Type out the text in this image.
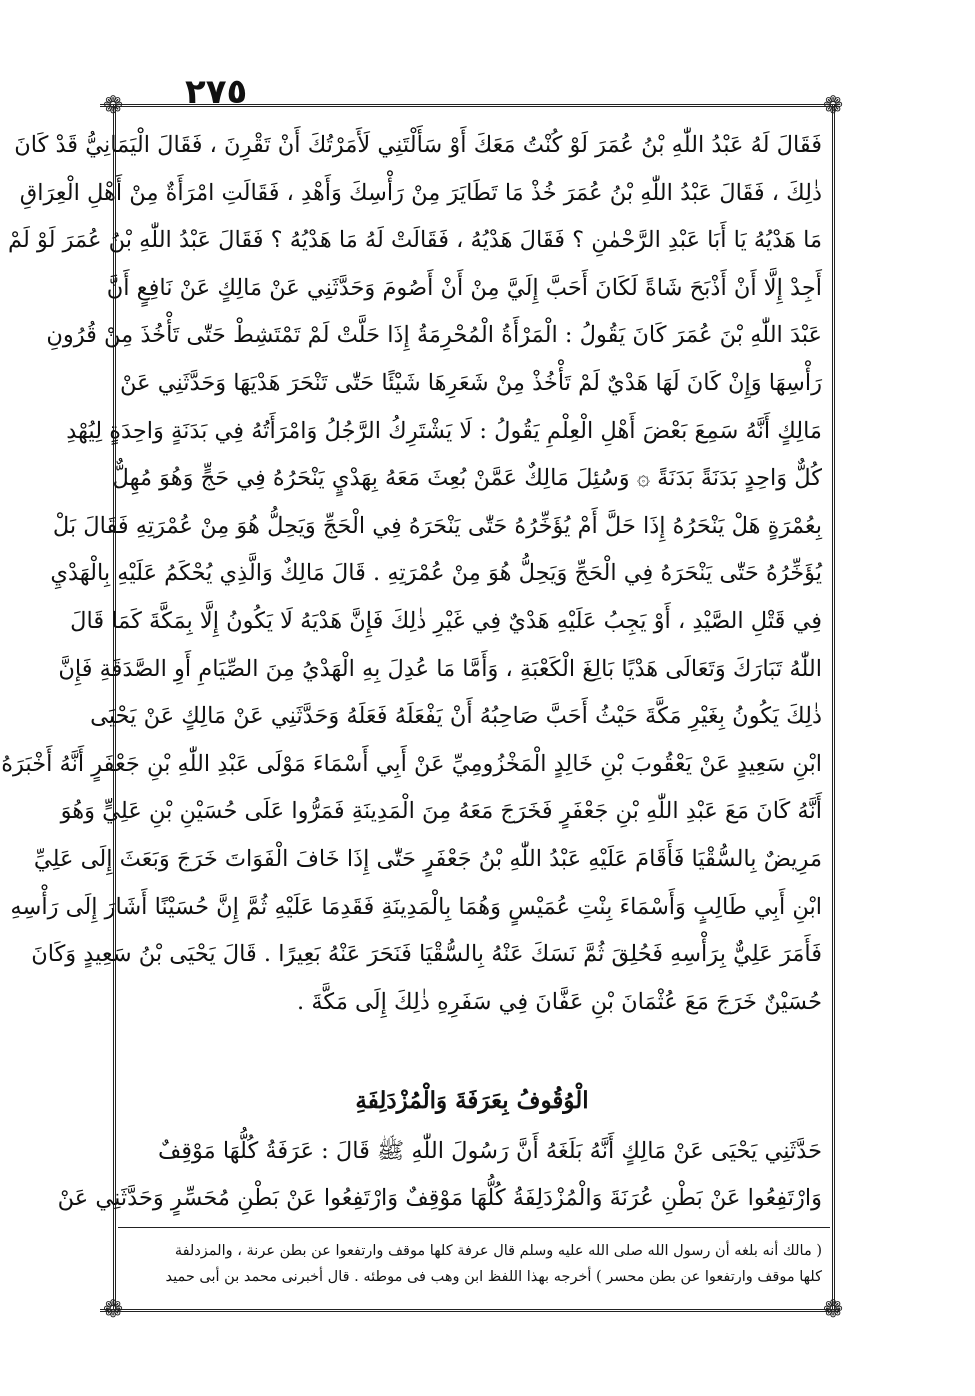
٢٧٥
❁	❁
❁	❁
فَقَالَ لَهُ عَبْدُ اللّٰهِ بْنُ عُمَرَ لَوْ كُنْتُ مَعَكَ أَوْ سَأَلْتَنِي لَأَمَرْتُكَ أَنْ تَقْرِنَ ، فَقَالَ الْيَمَانِيُّ قَدْ كَانَ
ذٰلِكَ ، فَقَالَ عَبْدُ اللّٰهِ بْنُ عُمَرَ خُذْ مَا تَطَايَرَ مِنْ رَأْسِكَ وَأَهْدِ ، فَقَالَتِ امْرَأَةٌ مِنْ أَهْلِ الْعِرَاقِ
مَا هَدْيُهُ يَا أَبَا عَبْدِ الرَّحْمٰنِ ؟ فَقَالَ هَدْيُهُ ، فَقَالَتْ لَهُ مَا هَدْيُهُ ؟ فَقَالَ عَبْدُ اللّٰهِ بْنُ عُمَرَ لَوْ لَمْ
أَجِدْ إِلَّا أَنْ أَذْبَحَ شَاةً لَكَانَ أَحَبَّ إِلَيَّ مِنْ أَنْ أَصُومَ وَحَدَّثَنِي عَنْ مَالِكٍ عَنْ نَافِعٍ أَنَّ
عَبْدَ اللّٰهِ بْنَ عُمَرَ كَانَ يَقُولُ : الْمَرْأَةُ الْمُحْرِمَةُ إِذَا حَلَّتْ لَمْ تَمْتَشِطْ حَتّٰى تَأْخُذَ مِنْ قُرُونِ
رَأْسِهَا وَإِنْ كَانَ لَهَا هَدْيٌ لَمْ تَأْخُذْ مِنْ شَعَرِهَا شَيْئًا حَتّٰى تَنْحَرَ هَدْيَهَا وَحَدَّثَنِي عَنْ
مَالِكٍ أَنَّهُ سَمِعَ بَعْضَ أَهْلِ الْعِلْمِ يَقُولُ : لَا يَشْتَرِكُ الرَّجُلُ وَامْرَأَتُهُ فِي بَدَنَةٍ وَاحِدَةٍ لِيُهْدِ
كُلٌّ وَاحِدٍ بَدَنَةً بَدَنَةً ۞ وَسُئِلَ مَالِكٌ عَمَّنْ بُعِثَ مَعَهُ بِهَدْيٍ يَنْحَرُهُ فِي حَجٍّ وَهُوَ مُهِلٌّ
بِعُمْرَةٍ هَلْ يَنْحَرُهُ إِذَا حَلَّ أَمْ يُؤَخِّرُهُ حَتّٰى يَنْحَرَهُ فِي الْحَجِّ وَيَحِلُّ هُوَ مِنْ عُمْرَتِهِ فَقَالَ بَلْ
يُؤَخِّرُهُ حَتّٰى يَنْحَرَهُ فِي الْحَجِّ وَيَحِلُّ هُوَ مِنْ عُمْرَتِهِ . قَالَ مَالِكٌ وَالَّذِي يُحْكَمُ عَلَيْهِ بِالْهَدْيِ
فِي قَتْلِ الصَّيْدِ ، أَوْ يَجِبُ عَلَيْهِ هَدْيٌ فِي غَيْرِ ذٰلِكَ فَإِنَّ هَدْيَهُ لَا يَكُونُ إِلَّا بِمَكَّةَ كَمَا قَالَ
اللّٰهُ تَبَارَكَ وَتَعَالَى هَدْيًا بَالِغَ الْكَعْبَةِ ، وَأَمَّا مَا عُدِلَ بِهِ الْهَدْيُ مِنَ الصِّيَامِ أَوِ الصَّدَقَةِ فَإِنَّ
ذٰلِكَ يَكُونُ بِغَيْرِ مَكَّةَ حَيْثُ أَحَبَّ صَاحِبُهُ أَنْ يَفْعَلَهُ فَعَلَهُ وَحَدَّثَنِي عَنْ مَالِكٍ عَنْ يَحْيَى
ابْنِ سَعِيدٍ عَنْ يَعْقُوبَ بْنِ خَالِدٍ الْمَخْزُومِيِّ عَنْ أَبِي أَسْمَاءَ مَوْلَى عَبْدِ اللّٰهِ بْنِ جَعْفَرٍ أَنَّهُ أَخْبَرَهُ
أَنَّهُ كَانَ مَعَ عَبْدِ اللّٰهِ بْنِ جَعْفَرٍ فَخَرَجَ مَعَهُ مِنَ الْمَدِينَةِ فَمَرُّوا عَلَى حُسَيْنِ بْنِ عَلِيٍّ وَهُوَ
مَرِيضٌ بِالسُّقْيَا فَأَقَامَ عَلَيْهِ عَبْدُ اللّٰهِ بْنُ جَعْفَرٍ حَتّٰى إِذَا خَافَ الْفَوَاتَ خَرَجَ وَبَعَثَ إِلَى عَلِيِّ
ابْنِ أَبِي طَالِبٍ وَأَسْمَاءَ بِنْتِ عُمَيْسٍ وَهُمَا بِالْمَدِينَةِ فَقَدِمَا عَلَيْهِ ثُمَّ إِنَّ حُسَيْنًا أَشَارَ إِلَى رَأْسِهِ
فَأَمَرَ عَلِيٌّ بِرَأْسِهِ فَحُلِقَ ثُمَّ نَسَكَ عَنْهُ بِالسُّقْيَا فَنَحَرَ عَنْهُ بَعِيرًا . قَالَ يَحْيَى بْنُ سَعِيدٍ وَكَانَ
حُسَيْنٌ خَرَجَ مَعَ عُثْمَانَ بْنِ عَفَّانَ فِي سَفَرِهِ ذٰلِكَ إِلَى مَكَّةَ .
الْوُقُوفُ بِعَرَفَةَ وَالْمُزْدَلِفَةِ
حَدَّثَنِي يَحْيَى عَنْ مَالِكٍ أَنَّهُ بَلَغَهُ أَنَّ رَسُولَ اللّٰهِ ﷺ قَالَ : عَرَفَةُ كُلُّهَا مَوْقِفٌ
وَارْتَفِعُوا عَنْ بَطْنِ عُرَنَةَ وَالْمُزْدَلِفَةُ كُلُّهَا مَوْقِفٌ وَارْتَفِعُوا عَنْ بَطْنِ مُحَسِّرٍ وَحَدَّثَنِي عَنْ
( مالك أنه بلغه أن رسول الله صلى الله عليه وسلم قال عرفة كلها موقف وارتفعوا عن بطن عرنة ، والمزدلفة
كلها موقف وارتفعوا عن بطن محسر ) أخرجه بهذا اللفظ ابن وهب فى موطئه . قال أخبرنى محمد بن أبى حميد
